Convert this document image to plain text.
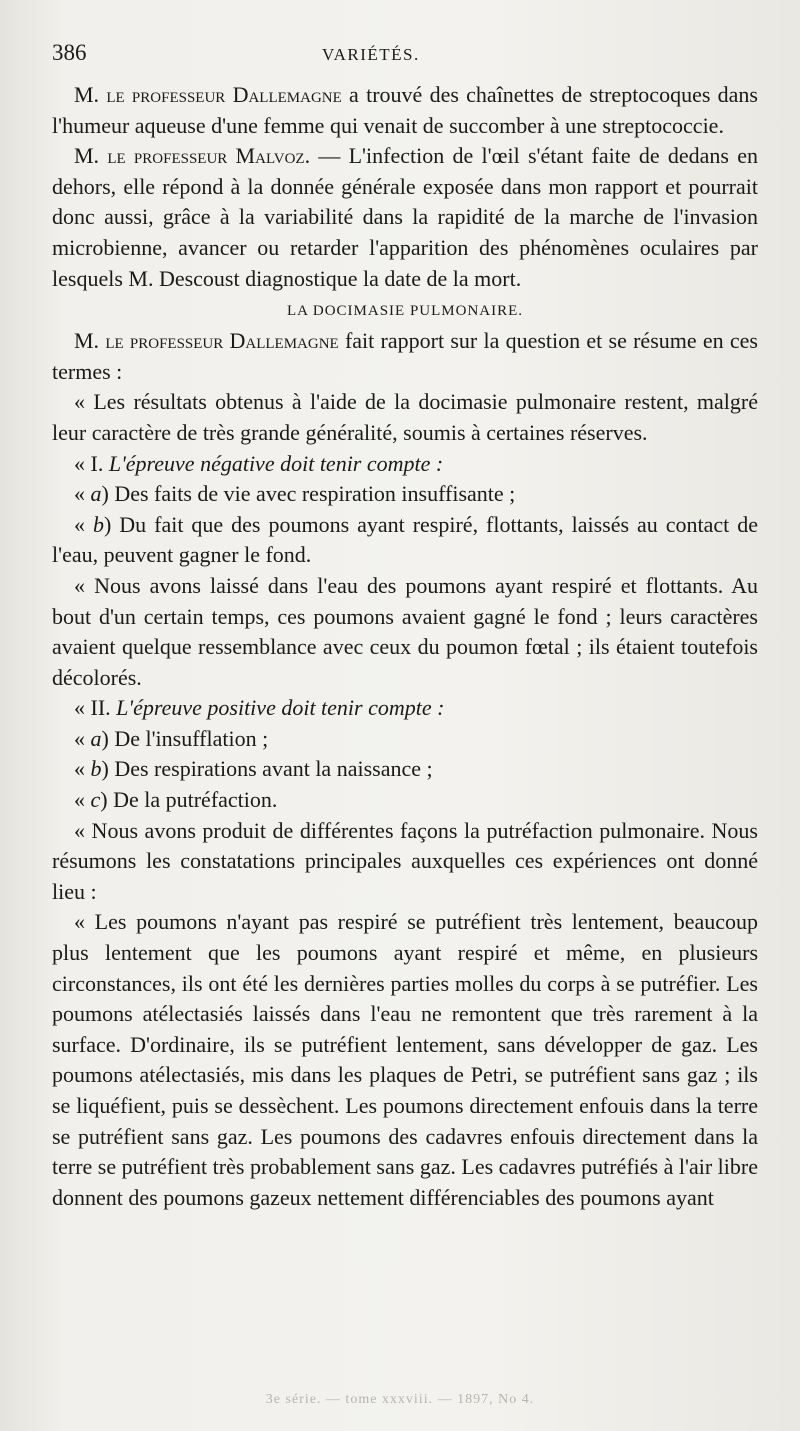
386	VARIÉTÉS.

M. le professeur Dallemagne a trouvé des chaînettes de streptocoques dans l'humeur aqueuse d'une femme qui venait de succomber à une streptococcie.

M. le professeur Malvoz. — L'infection de l'œil s'étant faite de dedans en dehors, elle répond à la donnée générale exposée dans mon rapport et pourrait donc aussi, grâce à la variabilité dans la rapidité de la marche de l'invasion microbienne, avancer ou retarder l'apparition des phénomènes oculaires par lesquels M. Descoust diagnostique la date de la mort.

LA DOCIMASIE PULMONAIRE.

M. le professeur Dallemagne fait rapport sur la question et se résume en ces termes :

« Les résultats obtenus à l'aide de la docimasie pulmonaire restent, malgré leur caractère de très grande généralité, soumis à certaines réserves.

« I. L'épreuve négative doit tenir compte :

« a) Des faits de vie avec respiration insuffisante ;

« b) Du fait que des poumons ayant respiré, flottants, laissés au contact de l'eau, peuvent gagner le fond.

« Nous avons laissé dans l'eau des poumons ayant respiré et flottants. Au bout d'un certain temps, ces poumons avaient gagné le fond ; leurs caractères avaient quelque ressemblance avec ceux du poumon fœtal ; ils étaient toutefois décolorés.

« II. L'épreuve positive doit tenir compte :

« a) De l'insufflation ;

« b) Des respirations avant la naissance ;

« c) De la putréfaction.

« Nous avons produit de différentes façons la putréfaction pulmonaire. Nous résumons les constatations principales auxquelles ces expériences ont donné lieu :

« Les poumons n'ayant pas respiré se putréfient très lentement, beaucoup plus lentement que les poumons ayant respiré et même, en plusieurs circonstances, ils ont été les dernières parties molles du corps à se putréfier. Les poumons atélectasiés laissés dans l'eau ne remontent que très rarement à la surface. D'ordinaire, ils se putréfient lentement, sans développer de gaz. Les poumons atélectasiés, mis dans les plaques de Petri, se putréfient sans gaz ; ils se liquéfient, puis se dessèchent. Les poumons directement enfouis dans la terre se putréfient sans gaz. Les poumons des cadavres enfouis directement dans la terre se putréfient très probablement sans gaz. Les cadavres putréfiés à l'air libre donnent des poumons gazeux nettement différenciables des poumons ayant

3e série. — tome xxxviii. — 1897, No 4.
